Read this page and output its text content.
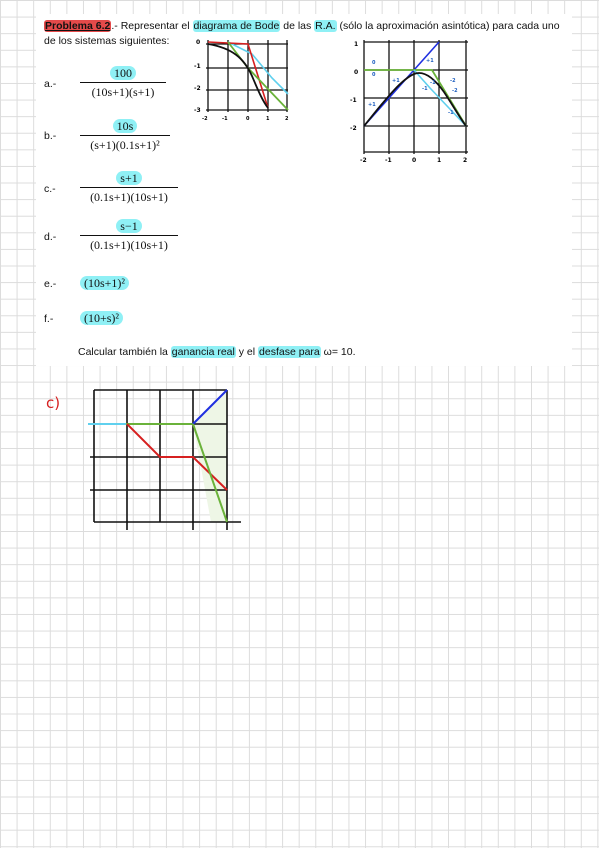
Problema 6.2.- Representar el diagrama de Bode de las R.A. (sólo la aproximación asintótica) para cada uno de los sistemas siguientes:
$a.- \frac{100}{(10s+1)(s+1)}$
$b.- \frac{10s}{\text{(s+1)(0.1s+1)²}}$
$c.- \frac{s+1}{(0.1s+1)(10s+1)}$
$d.- \frac{s-1}{(0.1s+1)(10s+1)}$
e.-	(10s+1)²
f.-	(10+s)²
Calcular también la ganancia real y el desfase para ω= 10.
0
-1
-2
-3
-2	-1	0	1	2
1
0
-1
-2
-2	-1	0	1	2
0
0
+1
+1
+1
-1
-1	-2
-2
-1
c)
